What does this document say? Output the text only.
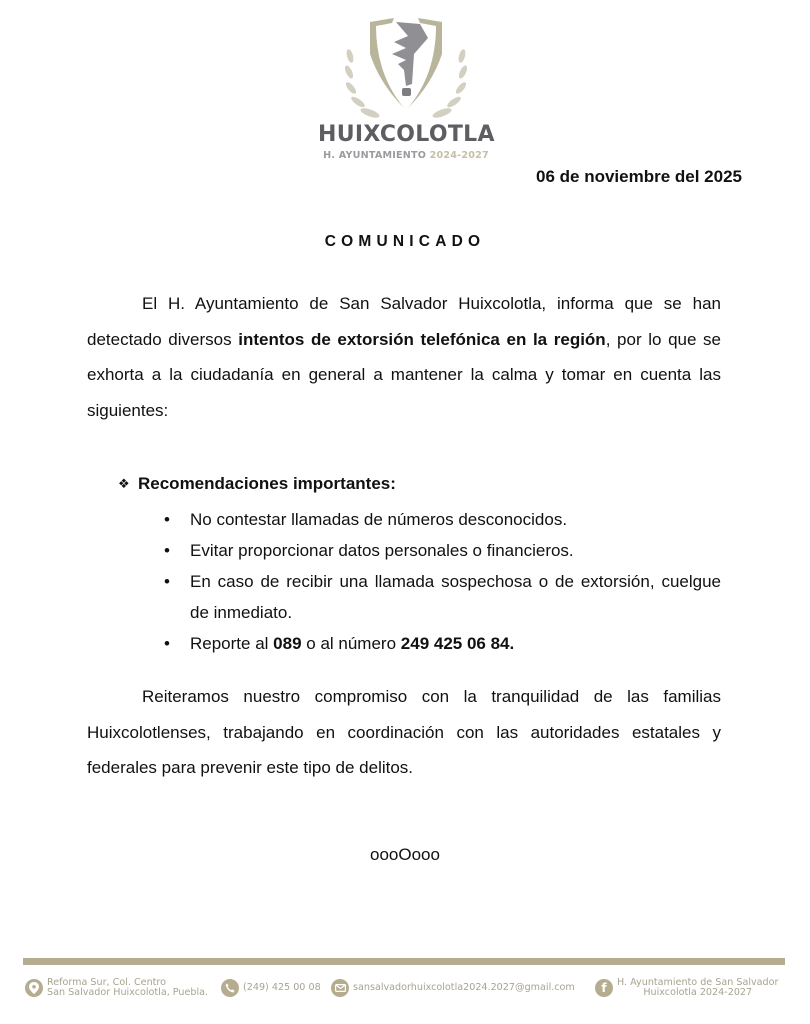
HUIXCOLOTLA
H. AYUNTAMIENTO 2024-2027
06 de noviembre del 2025
COMUNICADO

El H. Ayuntamiento de San Salvador Huixcolotla, informa que se han detectado diversos intentos de extorsión telefónica en la región, por lo que se exhorta a la ciudadanía en general a mantener la calma y tomar en cuenta las siguientes:

❖ Recomendaciones importantes:
• No contestar llamadas de números desconocidos.
• Evitar proporcionar datos personales o financieros.
• En caso de recibir una llamada sospechosa o de extorsión, cuelgue de inmediato.
• Reporte al 089 o al número 249 425 06 84.

Reiteramos nuestro compromiso con la tranquilidad de las familias Huixcolotlenses, trabajando en coordinación con las autoridades estatales y federales para prevenir este tipo de delitos.

oooOooo
Reforma Sur, Col. Centro
San Salvador Huixcolotla, Puebla.	(249) 425 00 08	sansalvadorhuixcolotla2024.2027@gmail.com	f	H. Ayuntamiento de San Salvador
Huixcolotla 2024-2027
